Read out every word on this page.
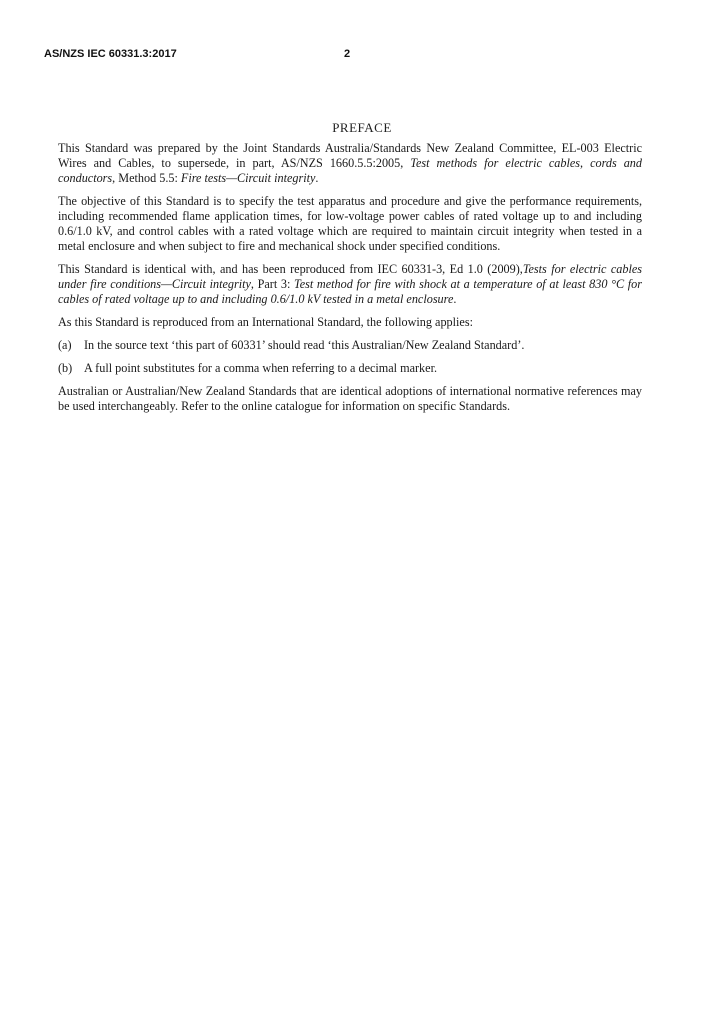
AS/NZS IEC 60331.3:2017	2
PREFACE

This Standard was prepared by the Joint Standards Australia/Standards New Zealand Committee, EL-003 Electric Wires and Cables, to supersede, in part, AS/NZS 1660.5.5:2005, Test methods for electric cables, cords and conductors, Method 5.5: Fire tests—Circuit integrity.

The objective of this Standard is to specify the test apparatus and procedure and give the performance requirements, including recommended flame application times, for low-voltage power cables of rated voltage up to and including 0.6/1.0 kV, and control cables with a rated voltage which are required to maintain circuit integrity when tested in a metal enclosure and when subject to fire and mechanical shock under specified conditions.

This Standard is identical with, and has been reproduced from IEC 60331-3, Ed 1.0 (2009),Tests for electric cables under fire conditions—Circuit integrity, Part 3: Test method for fire with shock at a temperature of at least 830 °C for cables of rated voltage up to and including 0.6/1.0 kV tested in a metal enclosure.

As this Standard is reproduced from an International Standard, the following applies:

(a) In the source text ‘this part of 60331’ should read ‘this Australian/New Zealand Standard’.

(b) A full point substitutes for a comma when referring to a decimal marker.

Australian or Australian/New Zealand Standards that are identical adoptions of international normative references may be used interchangeably. Refer to the online catalogue for information on specific Standards.
